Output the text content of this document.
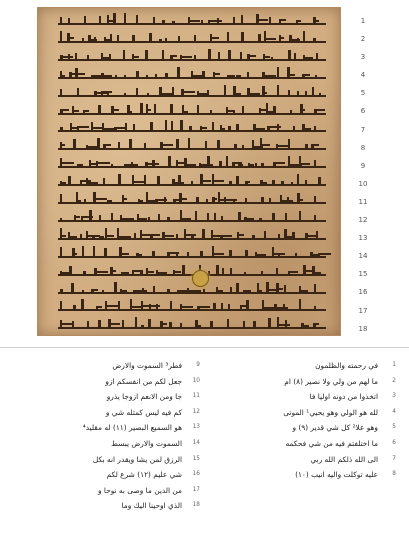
1
2
3
4
5
6
7
8
9
10
11
12
13
14
15
16
17
18
1
في رحمته والظلمون
2
ما لهم من ولي ولا نصير (٨) ام
3
اتخذوا من دونه اوليا فا
4
لله هو الولي وهو يحيي¹ الموتى
5
وهو علا² كل شي قدير (٩) و
6
ما اختلفتم فيه من شي فحكمه
7
الى الله ذلكم الله ربي
8
عليه توكلت واليه انيب (١٠)
9
فطر³ السموت والارض
10
جعل لكم من انفسكم ازو
11
جا ومن الانعم ازوجا يذرو
12
كم فيه ليس كمثله شي و
13
هو السميع البصير (١١) له مقليد⁴
14
السموت والارض يبسط
15
الرزق لمن يشا ويقدر انه بكل
16
شي عليم (١٢) شرع لكم
17
من الدين ما وصى به نوحا و
18
الذي اوحينا اليك وما
